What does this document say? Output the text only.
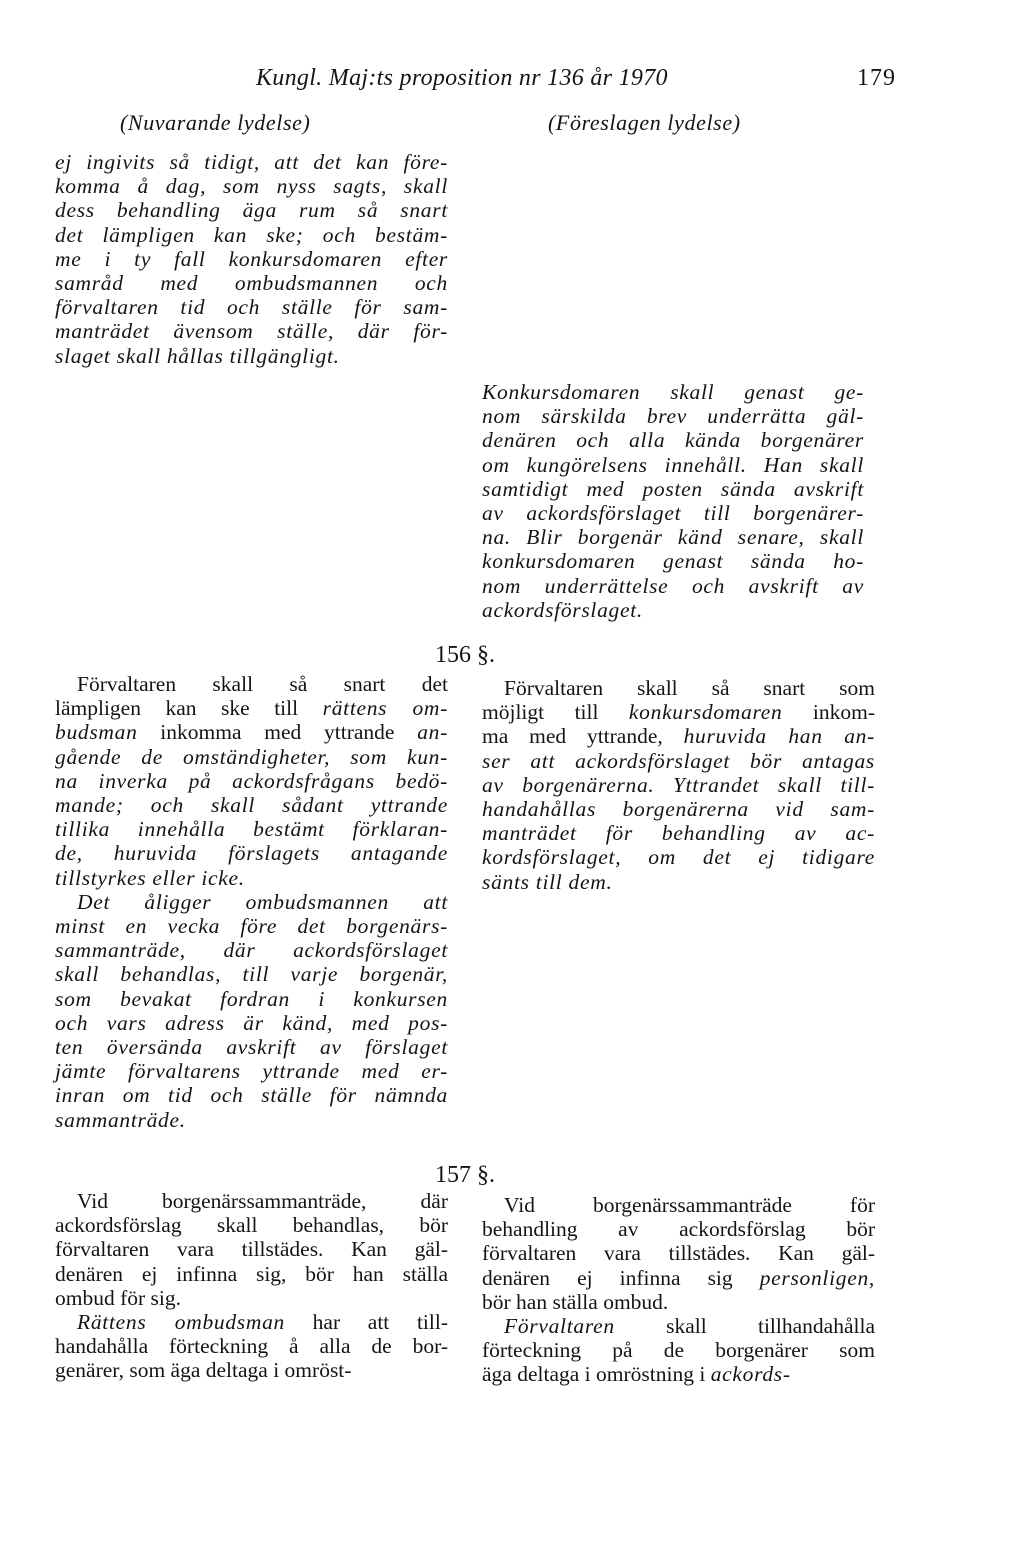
Kungl. Maj:ts proposition nr 136 år 1970	179
(Nuvarande lydelse)	(Föreslagen lydelse)
ej ingivits så tidigt, att det kan före-
komma å dag, som nyss sagts, skall
dess behandling äga rum så snart
det lämpligen kan ske; och bestäm-
me i ty fall konkursdomaren efter
samråd med ombudsmannen och
förvaltaren tid och ställe för sam-
manträdet ävensom ställe, där för-
slaget skall hållas tillgängligt.
Konkursdomaren skall genast ge-
nom särskilda brev underrätta gäl-
denären och alla kända borgenärer
om kungörelsens innehåll. Han skall
samtidigt med posten sända avskrift
av ackordsförslaget till borgenärer-
na. Blir borgenär känd senare, skall
konkursdomaren genast sända ho-
nom underrättelse och avskrift av
ackordsförslaget.
156 §.
Förvaltaren skall så snart det
lämpligen kan ske till rättens om-
budsman inkomma med yttrande an-
gående de omständigheter, som kun-
na inverka på ackordsfrågans bedö-
mande; och skall sådant yttrande
tillika innehålla bestämt förklaran-
de, huruvida förslagets antagande
tillstyrkes eller icke.
Det åligger ombudsmannen att
minst en vecka före det borgenärs-
sammanträde, där ackordsförslaget
skall behandlas, till varje borgenär,
som bevakat fordran i konkursen
och vars adress är känd, med pos-
ten översända avskrift av förslaget
jämte förvaltarens yttrande med er-
inran om tid och ställe för nämnda
sammanträde.
Förvaltaren skall så snart som
möjligt till konkursdomaren inkom-
ma med yttrande, huruvida han an-
ser att ackordsförslaget bör antagas
av borgenärerna. Yttrandet skall till-
handahållas borgenärerna vid sam-
manträdet för behandling av ac-
kordsförslaget, om det ej tidigare
sänts till dem.
157 §.
Vid borgenärssammanträde, där
ackordsförslag skall behandlas, bör
förvaltaren vara tillstädes. Kan gäl-
denären ej infinna sig, bör han ställa
ombud för sig.
Rättens ombudsman har att till-
handahålla förteckning å alla de bor-
genärer, som äga deltaga i omröst-
Vid borgenärssammanträde för
behandling av ackordsförslag bör
förvaltaren vara tillstädes. Kan gäl-
denären ej infinna sig personligen,
bör han ställa ombud.
Förvaltaren skall tillhandahålla
förteckning på de borgenärer som
äga deltaga i omröstning i ackords-
